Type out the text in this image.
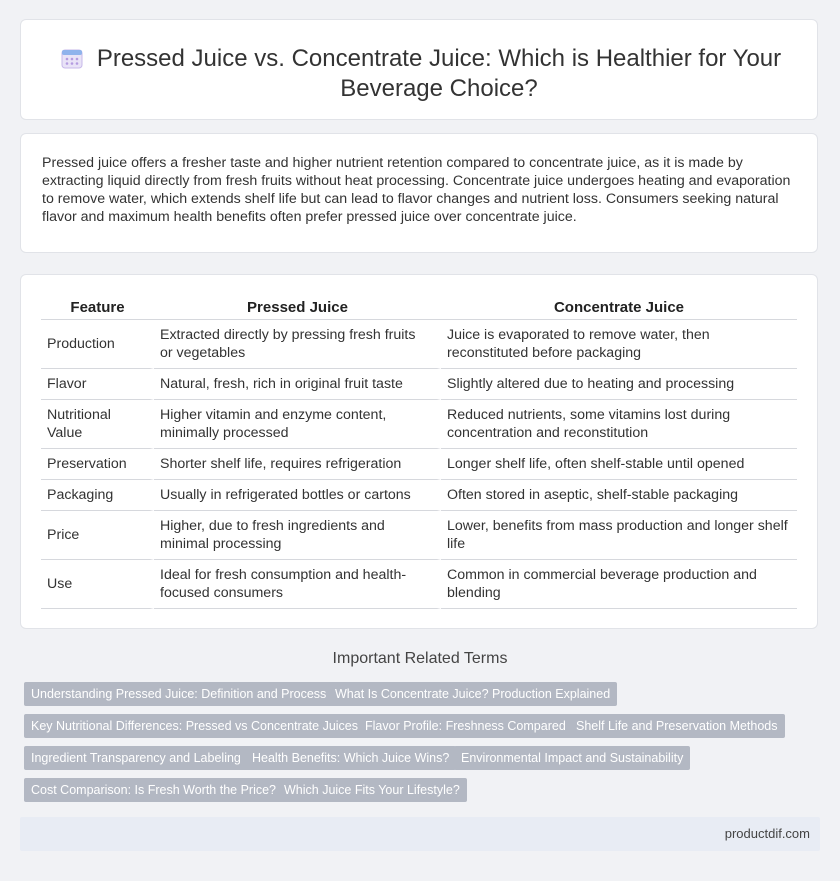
Pressed Juice vs. Concentrate Juice: Which is Healthier for Your Beverage Choice?

Pressed juice offers a fresher taste and higher nutrient retention compared to concentrate juice, as it is made by extracting liquid directly from fresh fruits without heat processing. Concentrate juice undergoes heating and evaporation to remove water, which extends shelf life but can lead to flavor changes and nutrient loss. Consumers seeking natural flavor and maximum health benefits often prefer pressed juice over concentrate juice.

Feature	Pressed Juice	Concentrate Juice
Production	Extracted directly by pressing fresh fruits or vegetables	Juice is evaporated to remove water, then reconstituted before packaging
Flavor	Natural, fresh, rich in original fruit taste	Slightly altered due to heating and processing
Nutritional Value	Higher vitamin and enzyme content, minimally processed	Reduced nutrients, some vitamins lost during concentration and reconstitution
Preservation	Shorter shelf life, requires refrigeration	Longer shelf life, often shelf-stable until opened
Packaging	Usually in refrigerated bottles or cartons	Often stored in aseptic, shelf-stable packaging
Price	Higher, due to fresh ingredients and minimal processing	Lower, benefits from mass production and longer shelf life
Use	Ideal for fresh consumption and health-focused consumers	Common in commercial beverage production and blending
Important Related Terms
Understanding Pressed Juice: Definition and Process What Is Concentrate Juice? Production Explained
Key Nutritional Differences: Pressed vs Concentrate Juices Flavor Profile: Freshness Compared Shelf Life and Preservation Methods
Ingredient Transparency and Labeling Health Benefits: Which Juice Wins? Environmental Impact and Sustainability
Cost Comparison: Is Fresh Worth the Price? Which Juice Fits Your Lifestyle?
productdif.com
